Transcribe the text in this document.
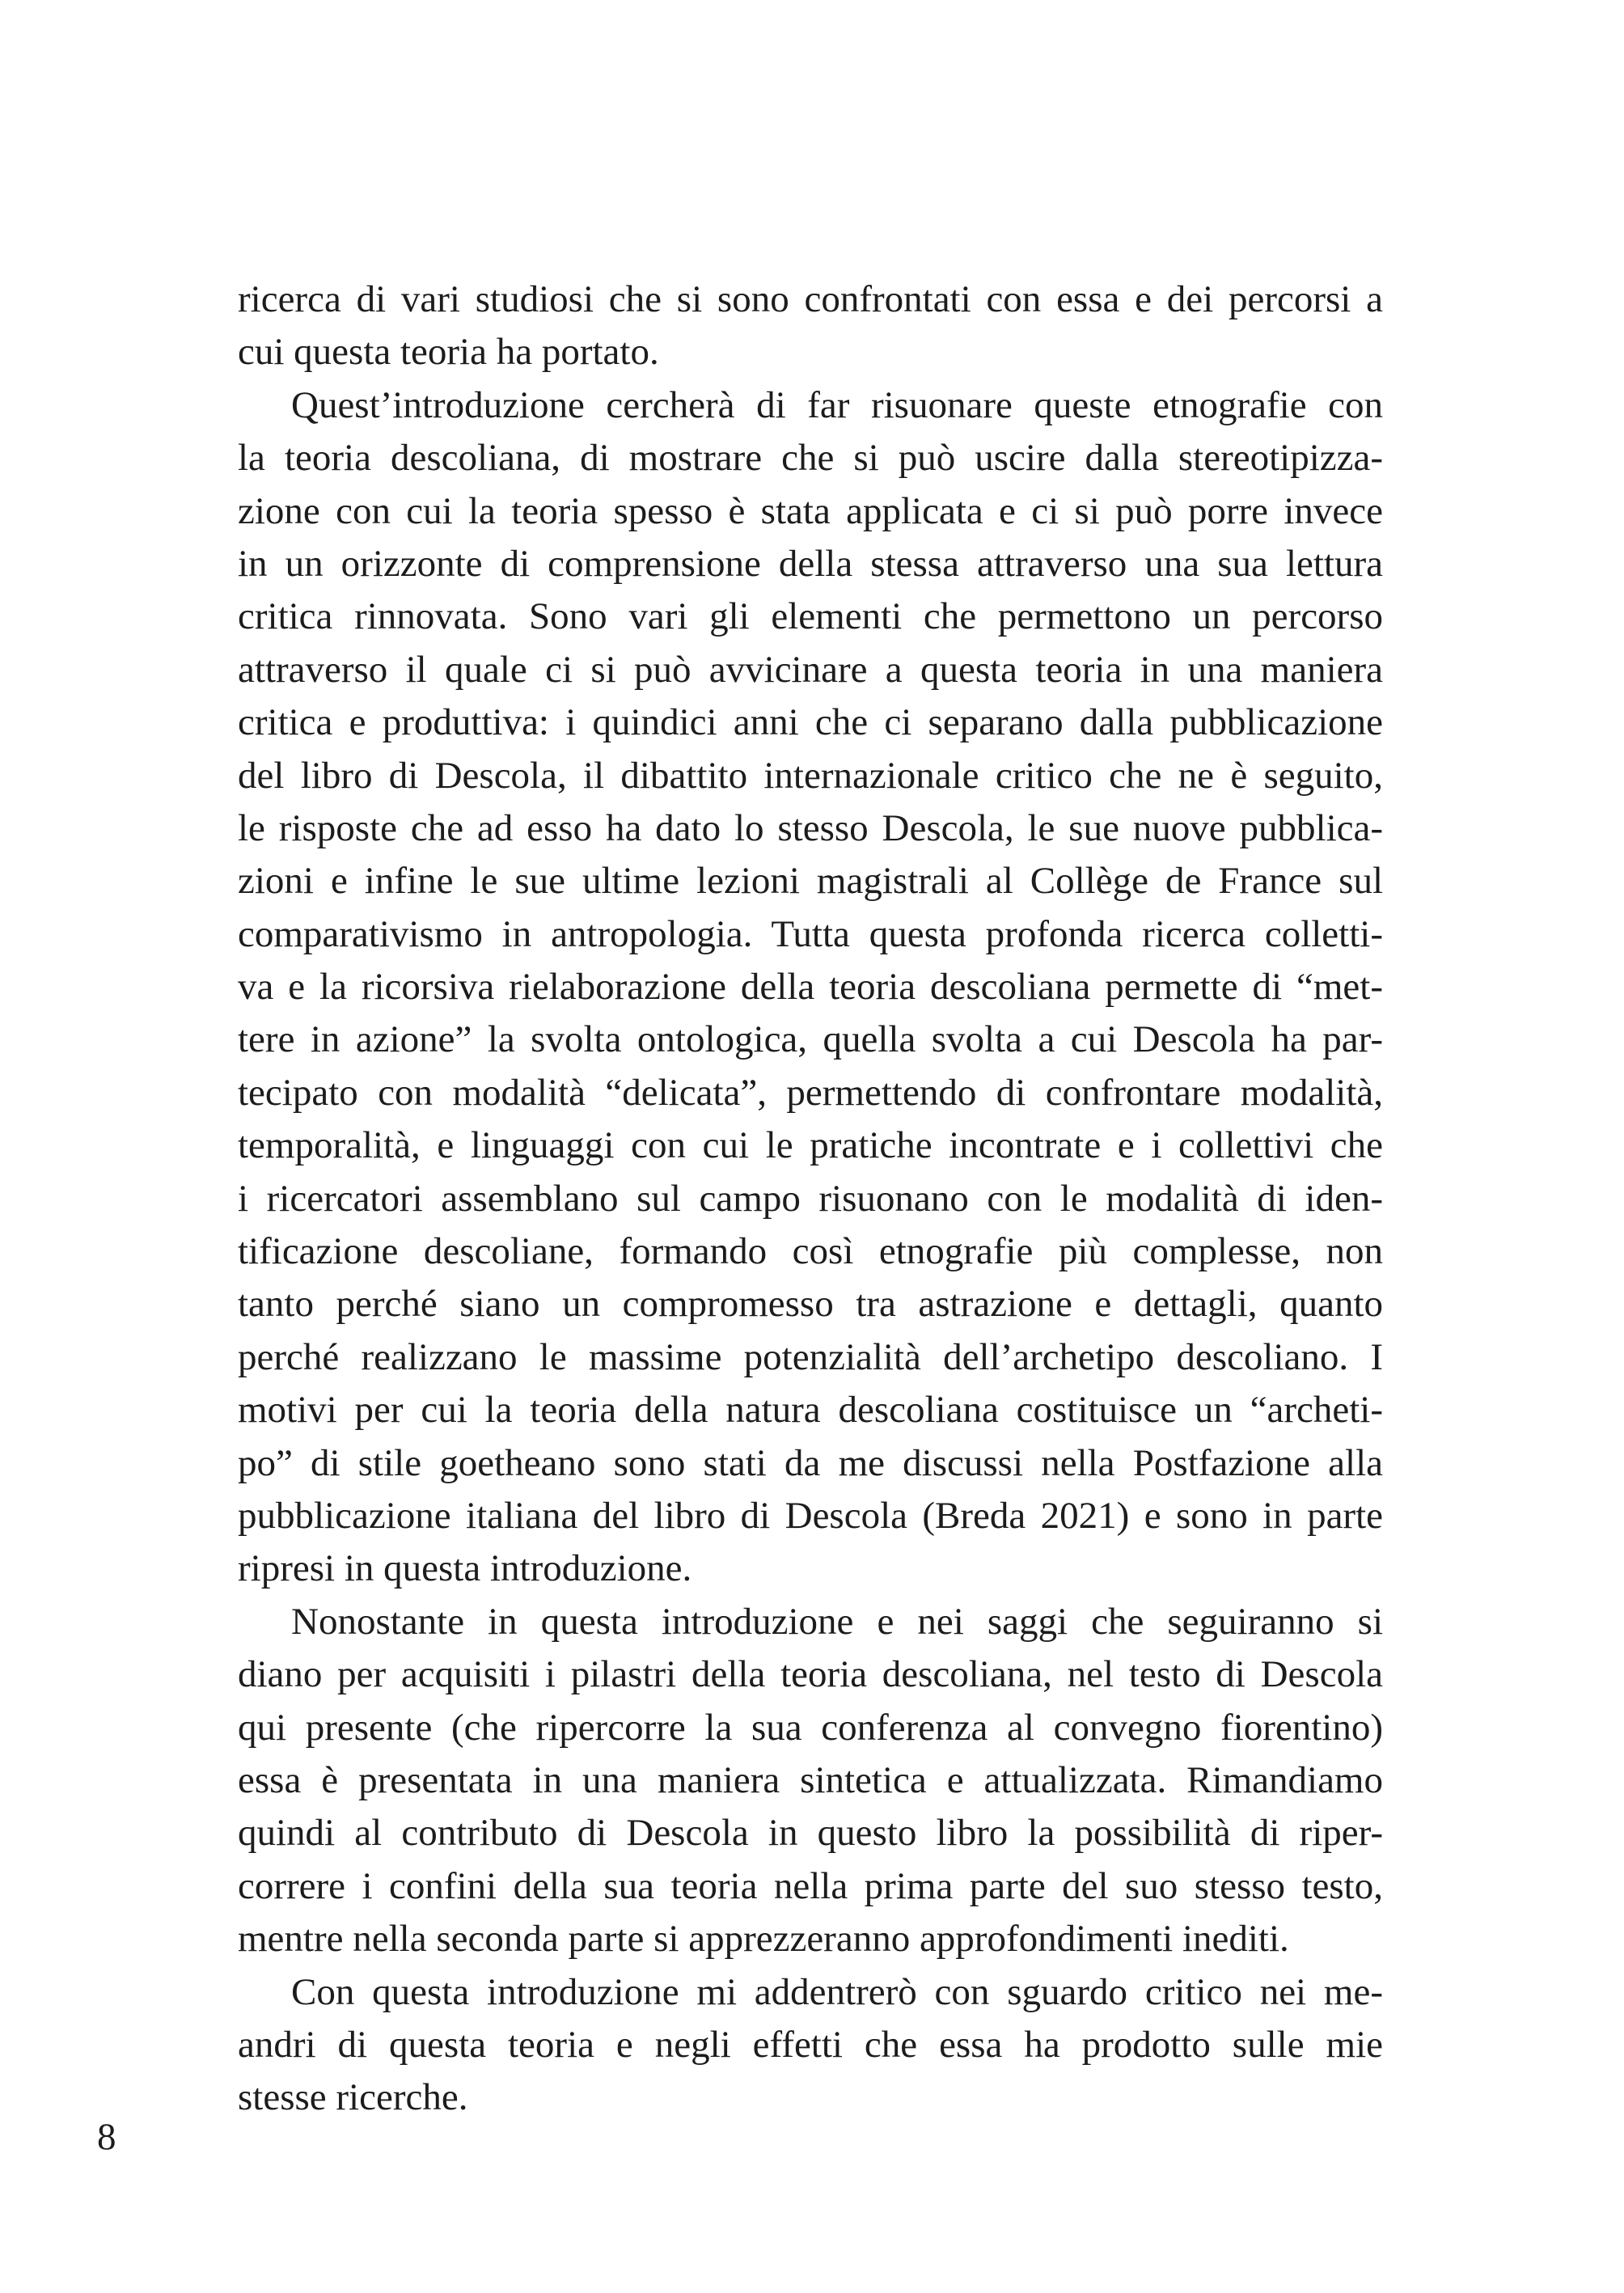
ricerca di vari studiosi che si sono confrontati con essa e dei percorsi a
cui questa teoria ha portato.
Quest’introduzione cercherà di far risuonare queste etnografie con
la teoria descoliana, di mostrare che si può uscire dalla stereotipizza-
zione con cui la teoria spesso è stata applicata e ci si può porre invece
in un orizzonte di comprensione della stessa attraverso una sua lettura
critica rinnovata. Sono vari gli elementi che permettono un percorso
attraverso il quale ci si può avvicinare a questa teoria in una maniera
critica e produttiva: i quindici anni che ci separano dalla pubblicazione
del libro di Descola, il dibattito internazionale critico che ne è seguito,
le risposte che ad esso ha dato lo stesso Descola, le sue nuove pubblica-
zioni e infine le sue ultime lezioni magistrali al Collège de France sul
comparativismo in antropologia. Tutta questa profonda ricerca colletti-
va e la ricorsiva rielaborazione della teoria descoliana permette di “met-
tere in azione” la svolta ontologica, quella svolta a cui Descola ha par-
tecipato con modalità “delicata”, permettendo di confrontare modalità,
temporalità, e linguaggi con cui le pratiche incontrate e i collettivi che
i ricercatori assemblano sul campo risuonano con le modalità di iden-
tificazione descoliane, formando così etnografie più complesse, non
tanto perché siano un compromesso tra astrazione e dettagli, quanto
perché realizzano le massime potenzialità dell’archetipo descoliano. I
motivi per cui la teoria della natura descoliana costituisce un “archeti-
po” di stile goetheano sono stati da me discussi nella Postfazione alla
pubblicazione italiana del libro di Descola (Breda 2021) e sono in parte
ripresi in questa introduzione.
Nonostante in questa introduzione e nei saggi che seguiranno si
diano per acquisiti i pilastri della teoria descoliana, nel testo di Descola
qui presente (che ripercorre la sua conferenza al convegno fiorentino)
essa è presentata in una maniera sintetica e attualizzata. Rimandiamo
quindi al contributo di Descola in questo libro la possibilità di riper-
correre i confini della sua teoria nella prima parte del suo stesso testo,
mentre nella seconda parte si apprezzeranno approfondimenti inediti.
Con questa introduzione mi addentrerò con sguardo critico nei me-
andri di questa teoria e negli effetti che essa ha prodotto sulle mie
stesse ricerche.
8
